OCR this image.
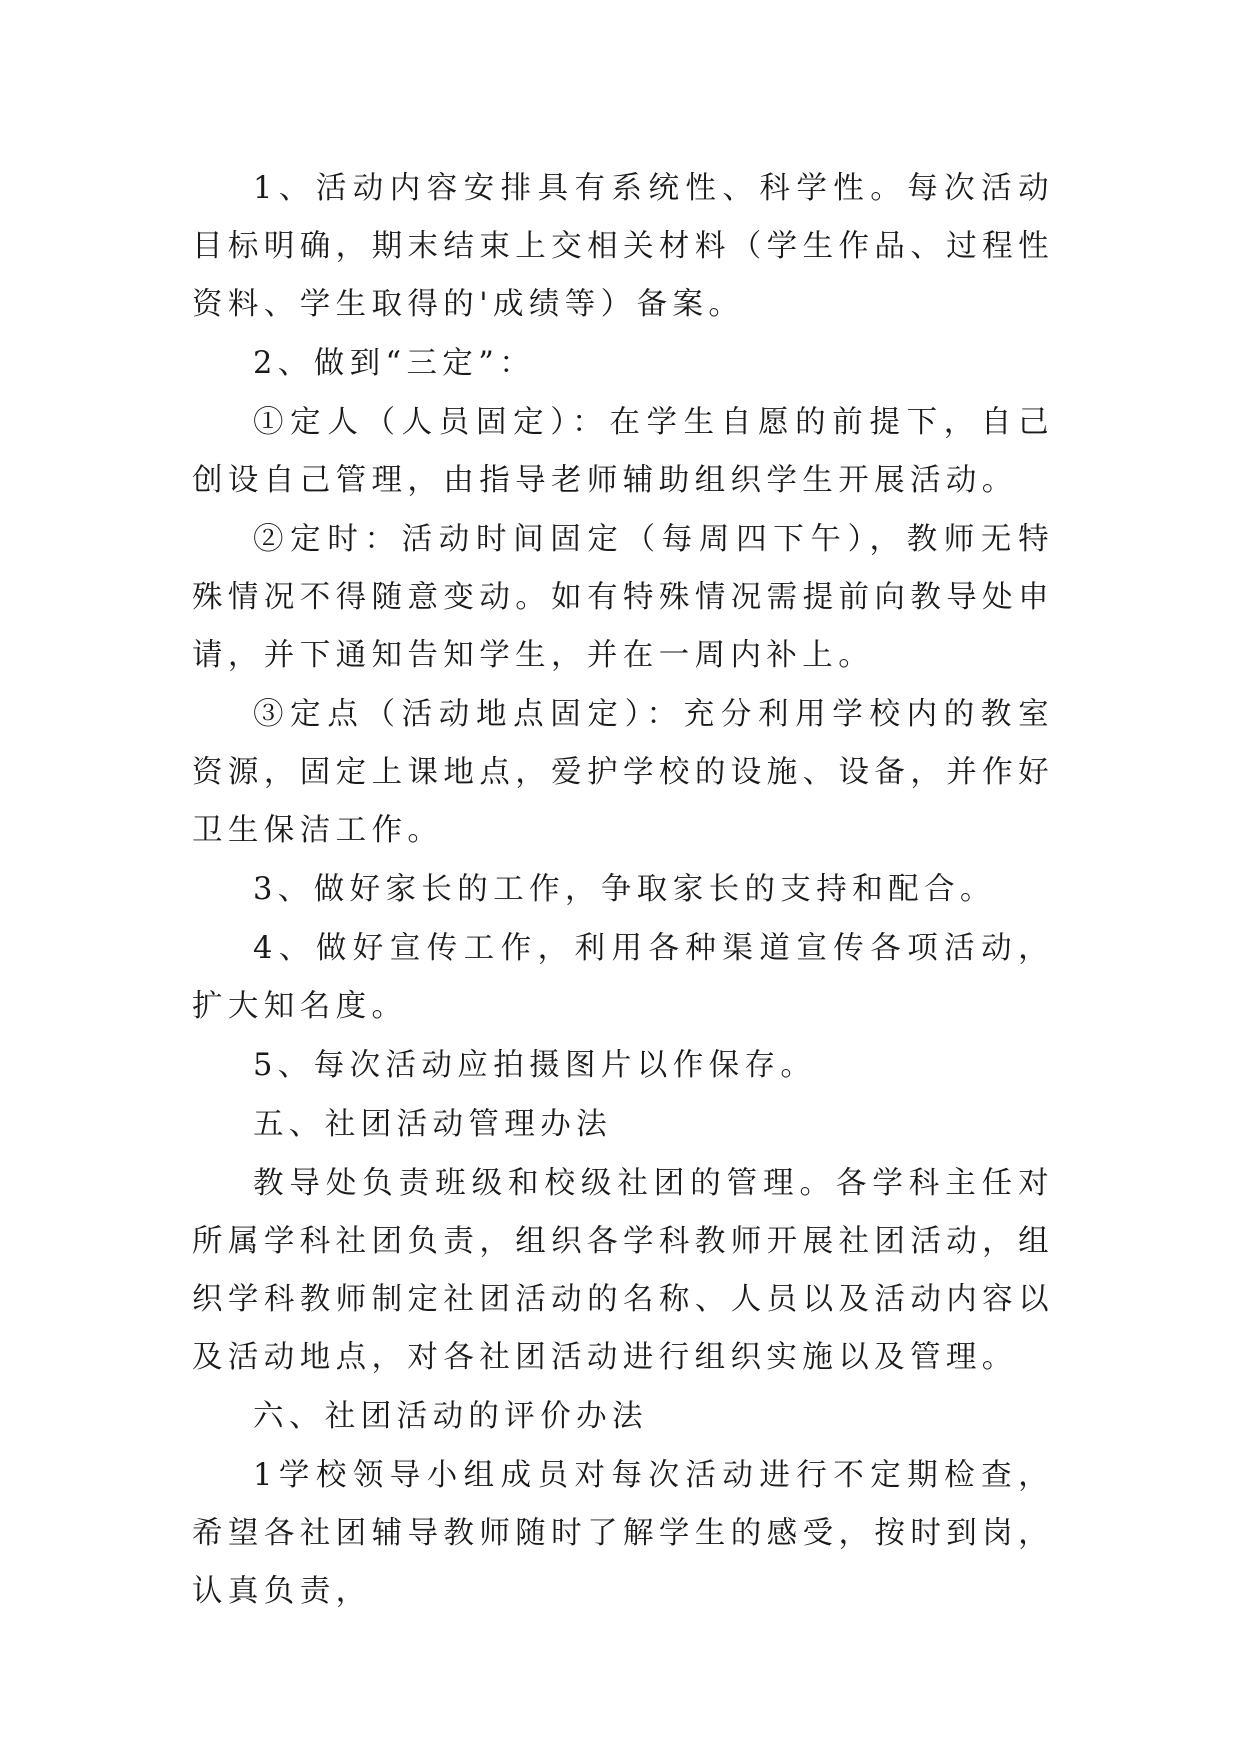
1、活动内容安排具有系统性、科学性。每次活动目标明确，期末结束上交相关材料（学生作品、过程性资料、学生取得的'成绩等）备案。

2、做到“三定”：

①定人（人员固定）：在学生自愿的前提下，自己创设自己管理，由指导老师辅助组织学生开展活动。

②定时：活动时间固定（每周四下午），教师无特殊情况不得随意变动。如有特殊情况需提前向教导处申请，并下通知告知学生，并在一周内补上。

③定点（活动地点固定）：充分利用学校内的教室资源，固定上课地点，爱护学校的设施、设备，并作好卫生保洁工作。

3、做好家长的工作，争取家长的支持和配合。

4、做好宣传工作，利用各种渠道宣传各项活动，扩大知名度。

5、每次活动应拍摄图片以作保存。

五、社团活动管理办法

教导处负责班级和校级社团的管理。各学科主任对所属学科社团负责，组织各学科教师开展社团活动，组织学科教师制定社团活动的名称、人员以及活动内容以及活动地点，对各社团活动进行组织实施以及管理。

六、社团活动的评价办法

1学校领导小组成员对每次活动进行不定期检查，希望各社团辅导教师随时了解学生的感受，按时到岗，认真负责，
